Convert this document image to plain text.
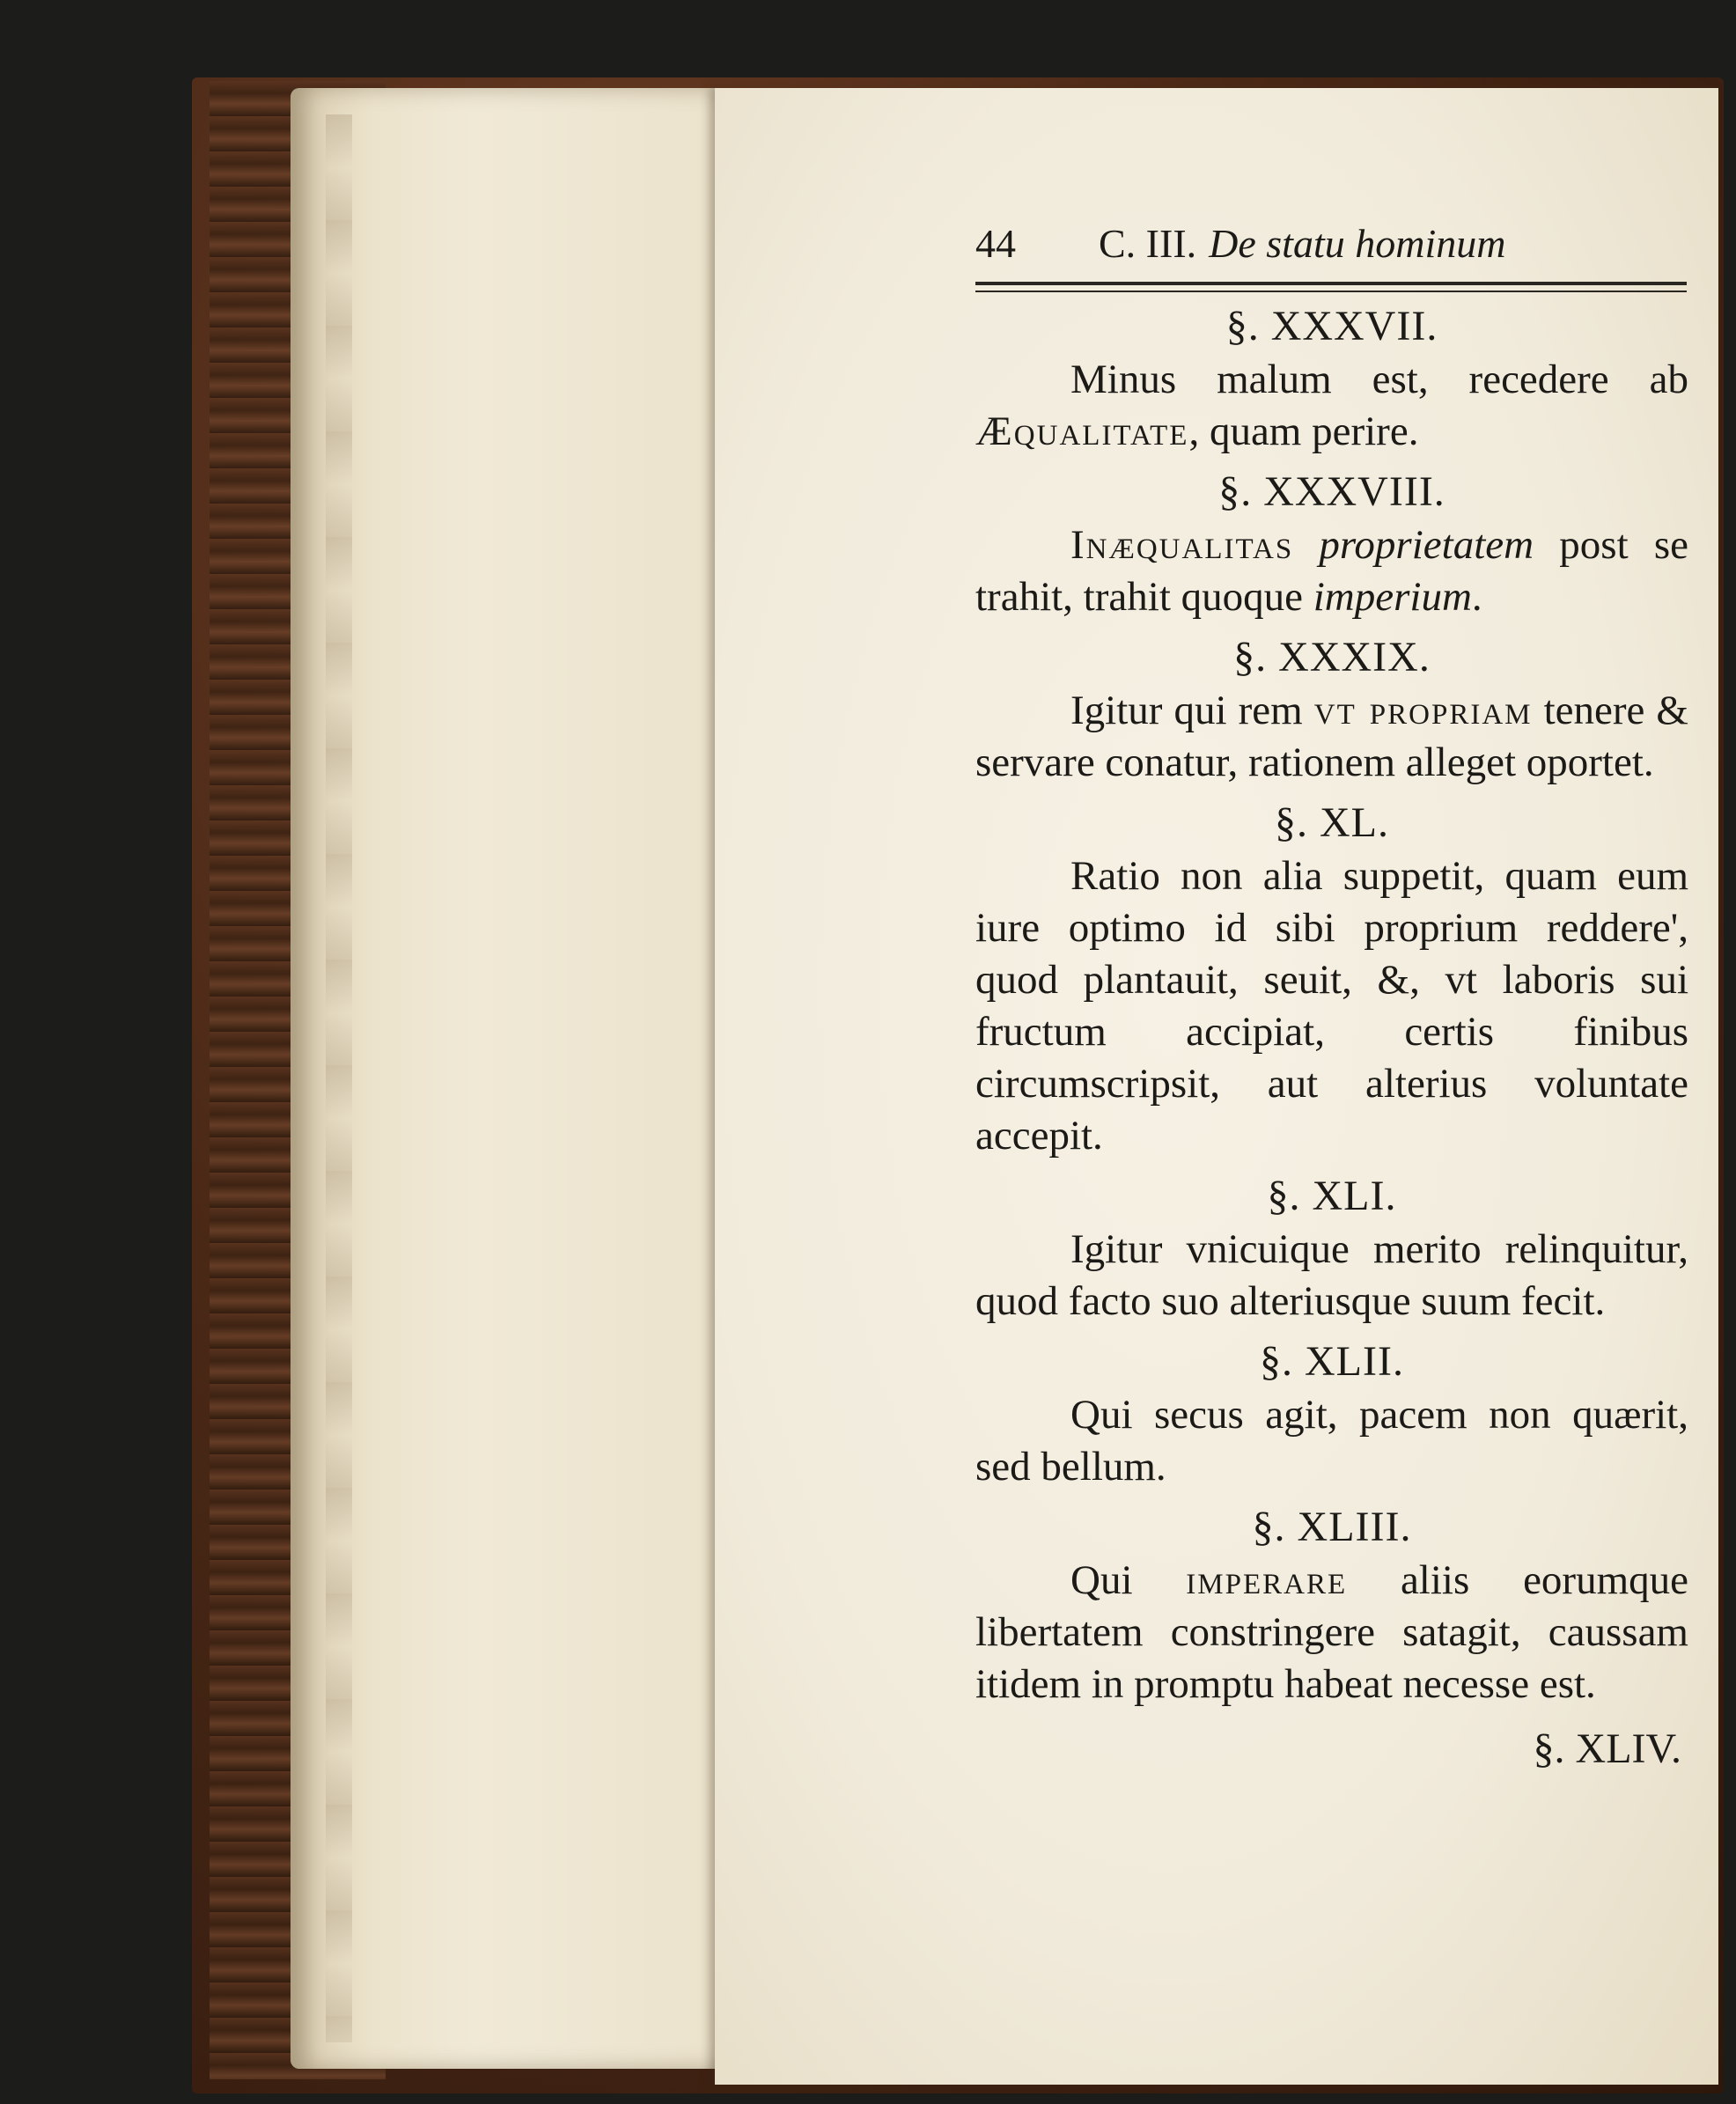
44	C. III. De statu hominum
§. XXXVII.
Minus malum est, recedere ab Æqualitate, quam perire.
§. XXXVIII.
Inæqualitas proprietatem post se trahit, trahit quoque imperium.
§. XXXIX.
Igitur qui rem vt propriam tenere & servare conatur, rationem alleget oportet.
§. XL.
Ratio non alia suppetit, quam eum iure optimo id sibi proprium reddere', quod plantauit, seuit, &, vt laboris sui fructum accipiat, certis finibus circumscripsit, aut alterius voluntate accepit.
§. XLI.
Igitur vnicuique merito relinquitur, quod facto suo alteriusque suum fecit.
§. XLII.
Qui secus agit, pacem non quærit, sed bellum.
§. XLIII.
Qui imperare aliis eorumque libertatem constringere satagit, caussam itidem in promptu habeat necesse est.
§. XLIV.
